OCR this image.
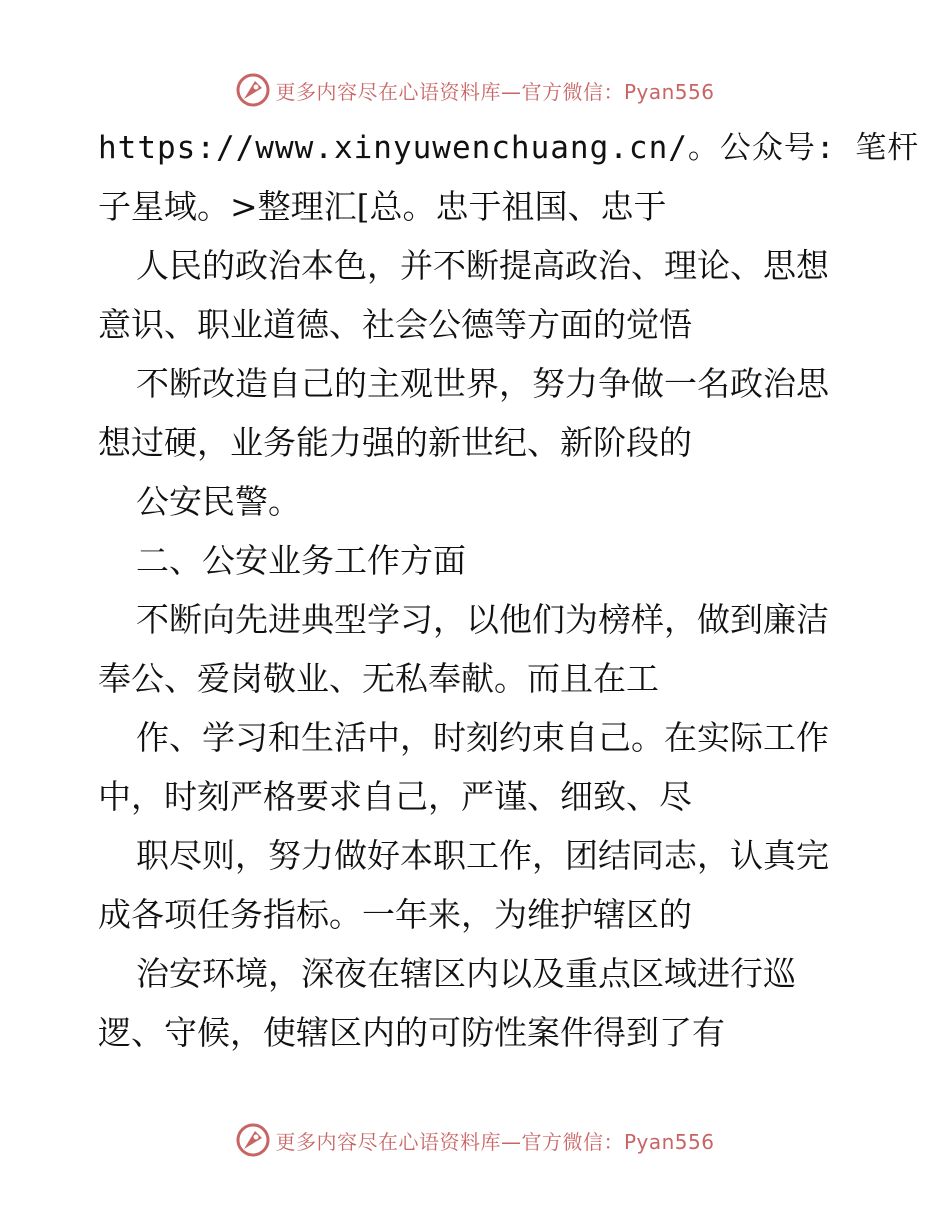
更多内容尽在心语资料库—官方微信：Pyan556
https://www.xinyuwenchuang.cn/。公众号: 笔杆
子星域。>整理汇[总。忠于祖国、忠于
人民的政治本色，并不断提高政治、理论、思想
意识、职业道德、社会公德等方面的觉悟
不断改造自己的主观世界，努力争做一名政治思
想过硬，业务能力强的新世纪、新阶段的
公安民警。
二、公安业务工作方面
不断向先进典型学习，以他们为榜样，做到廉洁
奉公、爱岗敬业、无私奉献。而且在工
作、学习和生活中，时刻约束自己。在实际工作
中，时刻严格要求自己，严谨、细致、尽
职尽则，努力做好本职工作，团结同志，认真完
成各项任务指标。一年来，为维护辖区的
治安环境，深夜在辖区内以及重点区域进行巡
逻、守候，使辖区内的可防性案件得到了有
更多内容尽在心语资料库—官方微信：Pyan556
